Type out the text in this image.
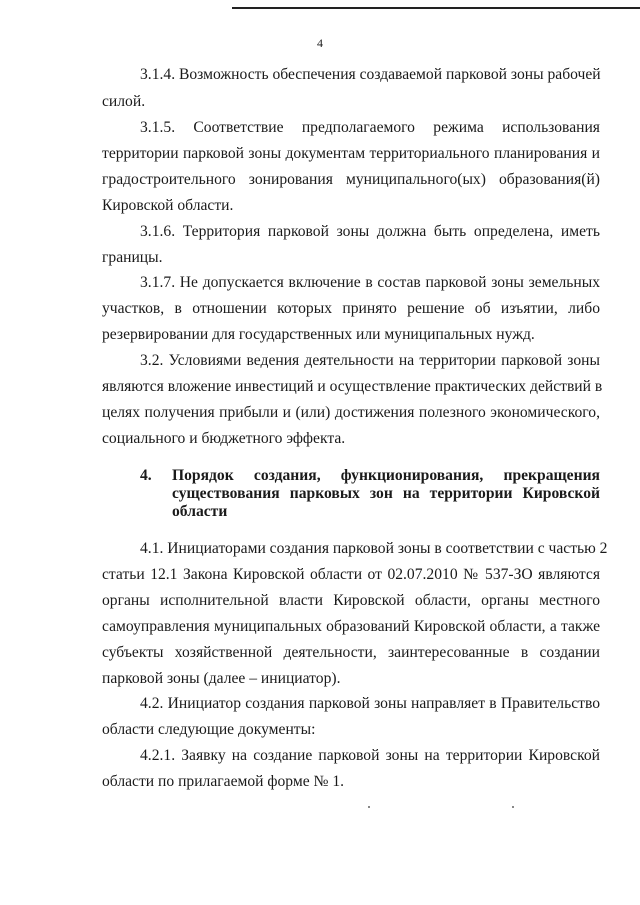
4
4. Порядок создания, функционирования, прекращения
существования парковых зон на территории Кировской
области
3.1.4. Возможность обеспечения создаваемой парковой зоны рабочей
силой.
3.1.5. Соответствие предполагаемого режима использования
территории парковой зоны документам территориального планирования и
градостроительного зонирования муниципального(ых) образования(й)
Кировской области.
3.1.6. Территория парковой зоны должна быть определена, иметь
границы.
3.1.7. Не допускается включение в состав парковой зоны земельных
участков, в отношении которых принято решение об изъятии, либо
резервировании для государственных или муниципальных нужд.
3.2. Условиями ведения деятельности на территории парковой зоны
являются вложение инвестиций и осуществление практических действий в
целях получения прибыли и (или) достижения полезного экономического,
социального и бюджетного эффекта.
4.1. Инициаторами создания парковой зоны в соответствии с частью 2
статьи 12.1 Закона Кировской области от 02.07.2010 № 537-ЗО являются
органы исполнительной власти Кировской области, органы местного
самоуправления муниципальных образований Кировской области, а также
субъекты хозяйственной деятельности, заинтересованные в создании
парковой зоны (далее – инициатор).
4.2. Инициатор создания парковой зоны направляет в Правительство
области следующие документы:
4.2.1. Заявку на создание парковой зоны на территории Кировской
области по прилагаемой форме № 1.
